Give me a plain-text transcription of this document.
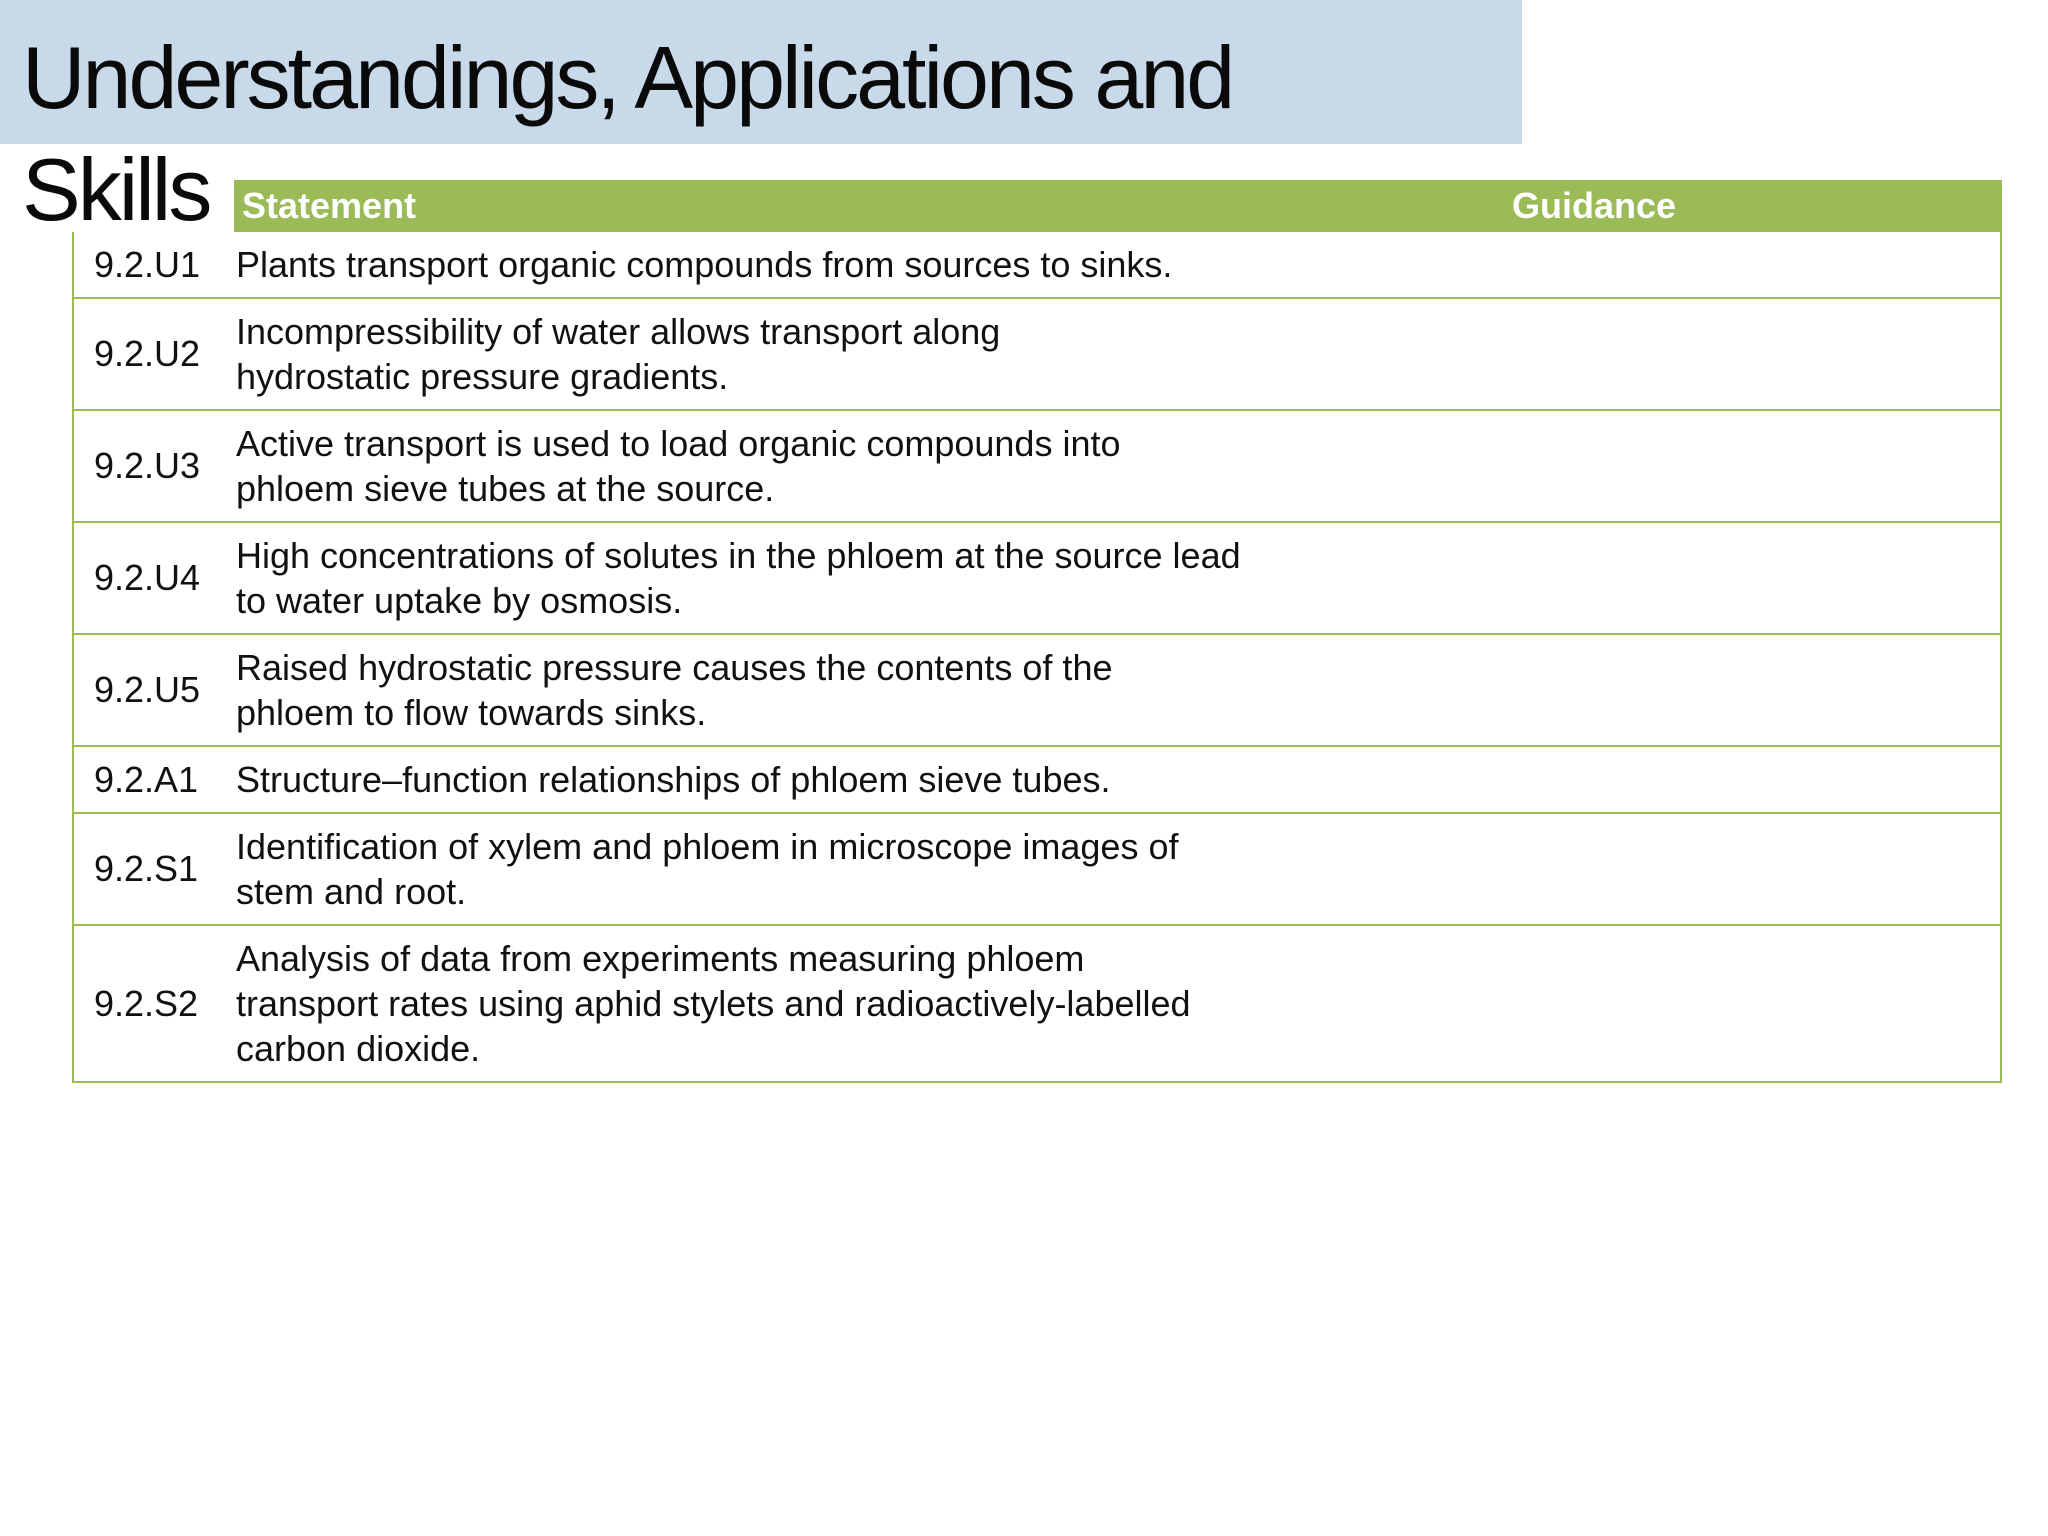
Understandings, Applications and
Skills Statement	Guidance
9.2.U1 Plants transport organic compounds from sources to sinks.
9.2.U2
Incompressibility of water allows transport along
hydrostatic pressure gradients.
9.2.U3
Active transport is used to load organic compounds into
phloem sieve tubes at the source.
9.2.U4
High concentrations of solutes in the phloem at the source lead
to water uptake by osmosis.
9.2.U5
Raised hydrostatic pressure causes the contents of the
phloem to flow towards sinks.
9.2.A1	Structure–function relationships of phloem sieve tubes.
9.2.S1
Identification of xylem and phloem in microscope images of
stem and root.
9.2.S2
Analysis of data from experiments measuring phloem
transport rates using aphid stylets and radioactively-labelled
carbon dioxide.
